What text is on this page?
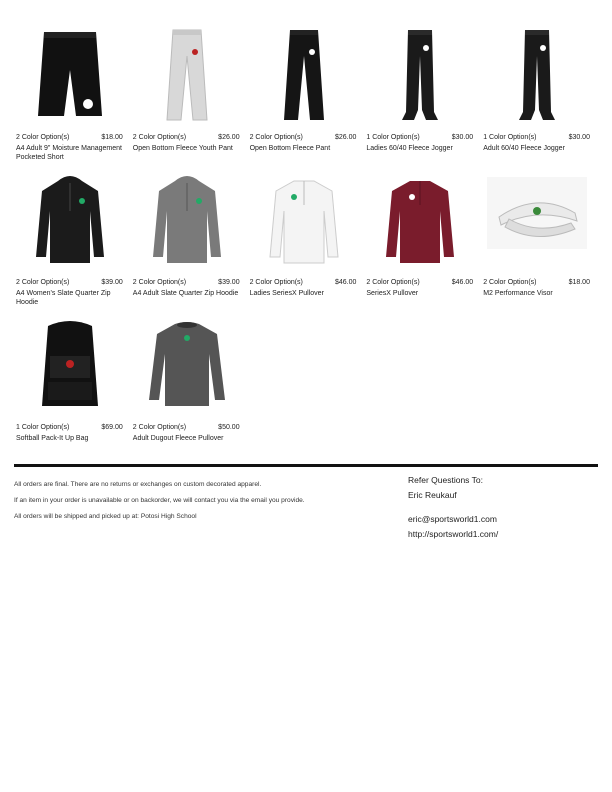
2 Color Option(s)	$18.00
A4 Adult 9" Moisture Management Pocketed Short
2 Color Option(s)	$26.00
Open Bottom Fleece Youth Pant
2 Color Option(s)	$26.00
Open Bottom Fleece Pant
1 Color Option(s)	$30.00
Ladies 60/40 Fleece Jogger
1 Color Option(s)	$30.00
Adult 60/40 Fleece Jogger
2 Color Option(s)	$39.00
A4 Women's Slate Quarter Zip Hoodie
2 Color Option(s)	$39.00
A4 Adult Slate Quarter Zip Hoodie
2 Color Option(s)	$46.00
Ladies SeriesX Pullover
2 Color Option(s)	$46.00
SeriesX Pullover
2 Color Option(s)	$18.00
M2 Performance Visor
1 Color Option(s)	$69.00
Softball Pack-It Up Bag
2 Color Option(s)	$50.00
Adult Dugout Fleece Pullover

All orders are final. There are no returns or exchanges on custom decorated apparel.

If an item in your order is unavailable or on backorder, we will contact you via the email you provide.

All orders will be shipped and picked up at: Potosi High School

Refer Questions To:
Eric Reukauf
eric@sportsworld1.com
http://sportsworld1.com/
